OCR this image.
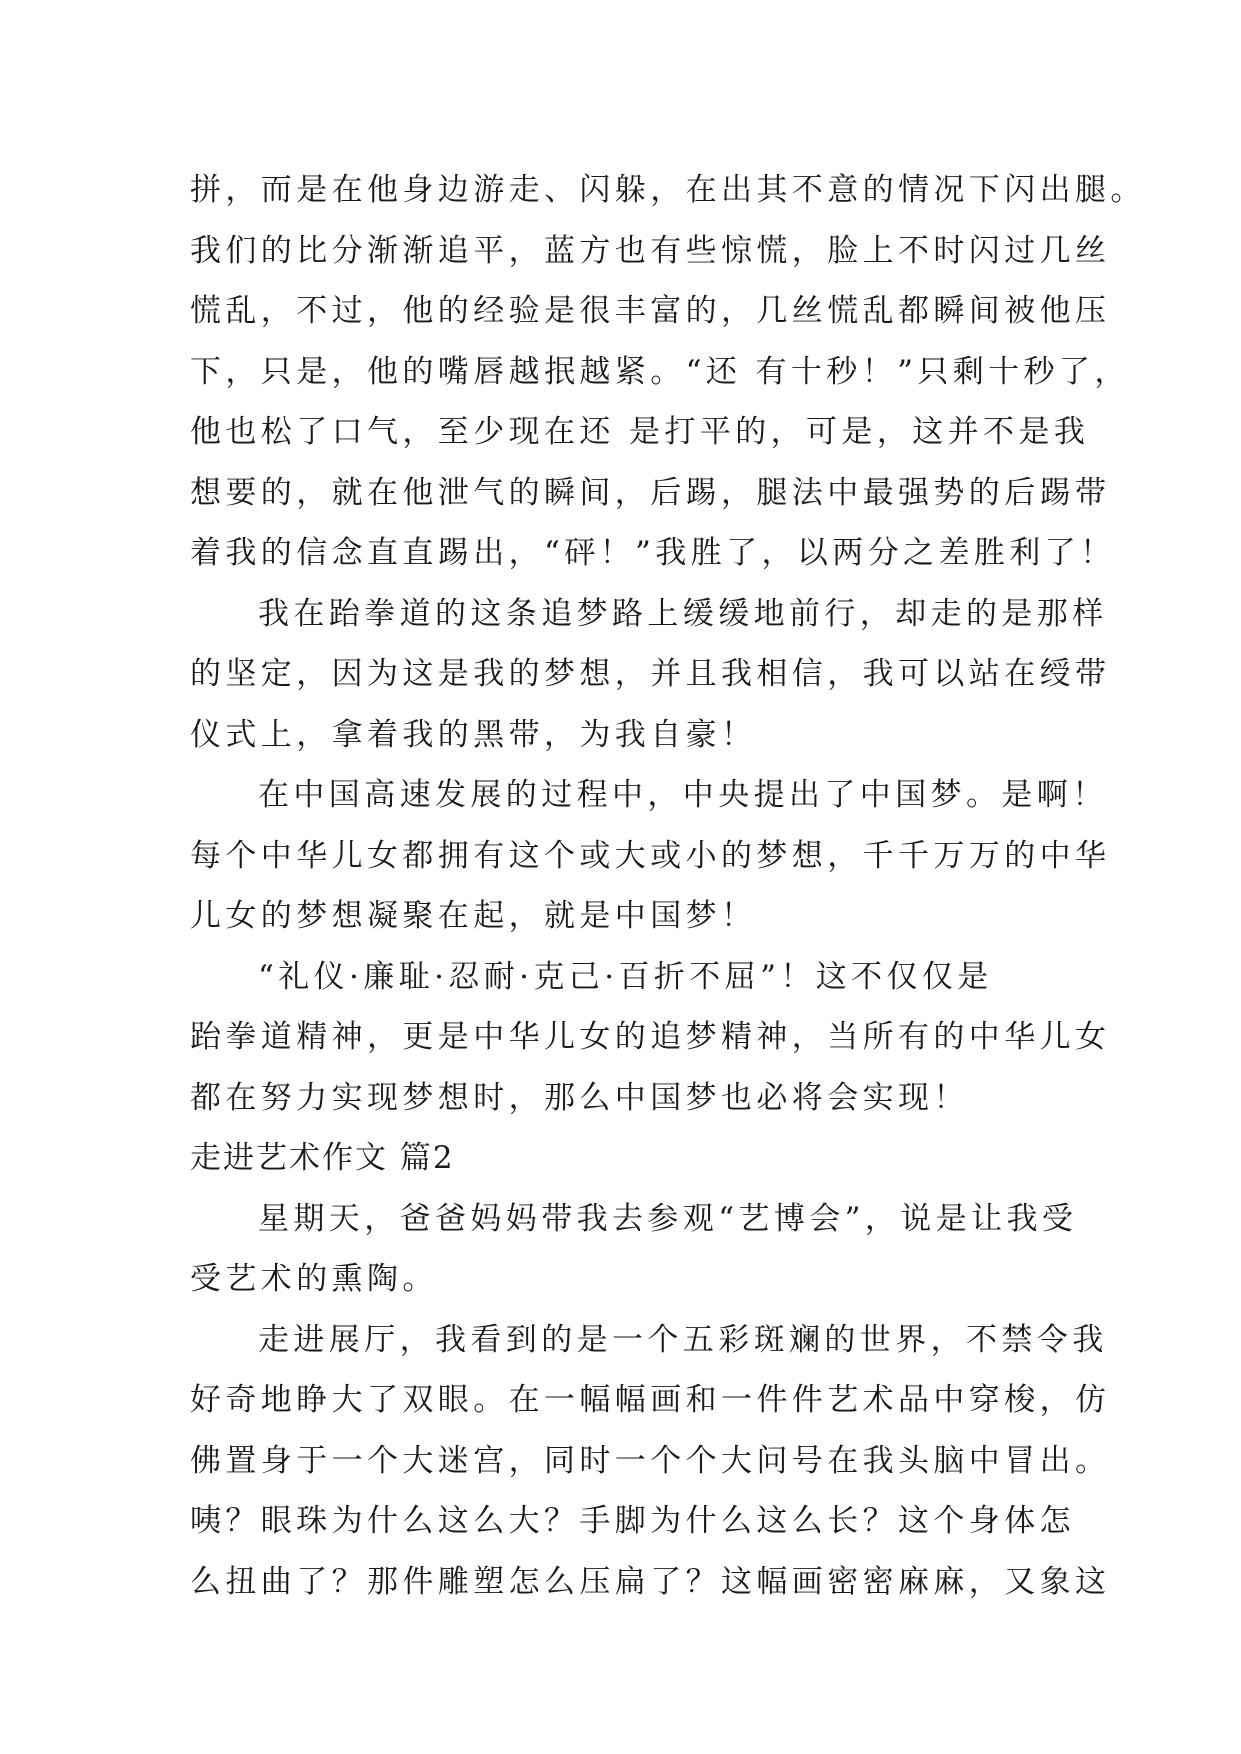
拼，而是在他身边游走、闪躲，在出其不意的情况下闪出腿。
我们的比分渐渐追平，蓝方也有些惊慌，脸上不时闪过几丝
慌乱，不过，他的经验是很丰富的，几丝慌乱都瞬间被他压
下，只是，他的嘴唇越抿越紧。“还 有十秒！”只剩十秒了，
他也松了口气，至少现在还 是打平的，可是，这并不是我
想要的，就在他泄气的瞬间，后踢，腿法中最强势的后踢带
着我的信念直直踢出，“砰！”我胜了，以两分之差胜利了！
我在跆拳道的这条追梦路上缓缓地前行，却走的是那样
的坚定，因为这是我的梦想，并且我相信，我可以站在绶带
仪式上，拿着我的黑带，为我自豪！
在中国高速发展的过程中，中央提出了中国梦。是啊！
每个中华儿女都拥有这个或大或小的梦想，千千万万的中华
儿女的梦想凝聚在起，就是中国梦！
“礼仪·廉耻·忍耐·克己·百折不屈”！这不仅仅是
跆拳道精神，更是中华儿女的追梦精神，当所有的中华儿女
都在努力实现梦想时，那么中国梦也必将会实现！
走进艺术作文 篇2
星期天，爸爸妈妈带我去参观“艺博会”，说是让我受
受艺术的熏陶。
走进展厅，我看到的是一个五彩斑斓的世界，不禁令我
好奇地睁大了双眼。在一幅幅画和一件件艺术品中穿梭，仿
佛置身于一个大迷宫，同时一个个大问号在我头脑中冒出。
咦？眼珠为什么这么大？手脚为什么这么长？这个身体怎
么扭曲了？那件雕塑怎么压扁了？这幅画密密麻麻，又象这
